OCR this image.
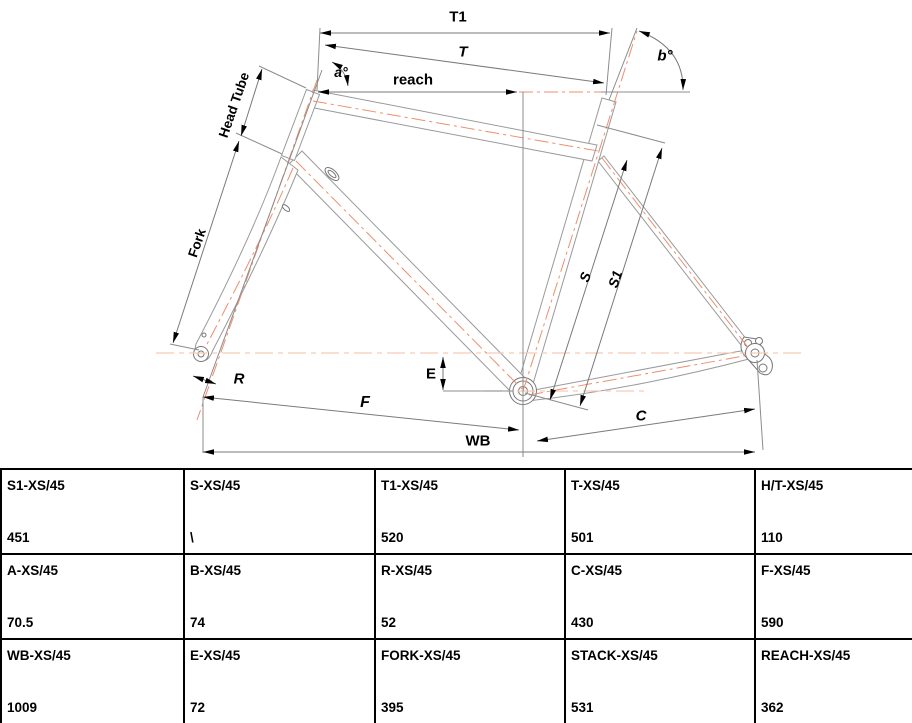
T1
T
reach
a°
b°
Head Tube
Fork
S S1
R	E
F
C
WB
S1-XS/45
451
S-XS/45
\
T1-XS/45
520
T-XS/45
501
H/T-XS/45
110
A-XS/45
70.5
B-XS/45
74
R-XS/45
52
C-XS/45
430
F-XS/45
590
WB-XS/45
1009
E-XS/45
72
FORK-XS/45
395
STACK-XS/45
531
REACH-XS/45
362
